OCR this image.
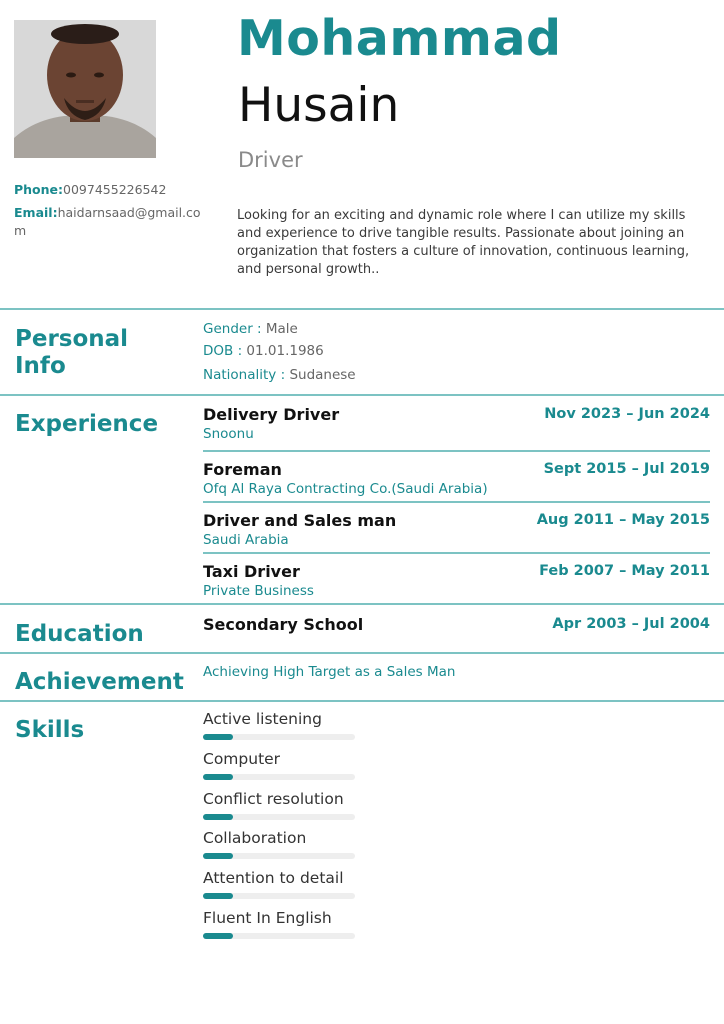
Mohammad
Husain
Driver
Phone:0097455226542
Email:haidarnsaad@gmail.com
Looking for an exciting and dynamic role where I can utilize my skills and experience to drive tangible results. Passionate about joining an organization that fosters a culture of innovation, continuous learning, and personal growth..
Personal Info
Gender : Male
DOB : 01.01.1986
Nationality : Sudanese
Experience	Delivery Driver
Snoonu
Nov 2023 – Jun 2024
Foreman
Ofq Al Raya Contracting Co.(Saudi Arabia)
Sept 2015 – Jul 2019
Driver and Sales man
Saudi Arabia
Aug 2011 – May 2015
Taxi Driver
Private Business
Feb 2007 – May 2011
Education	Secondary School	Apr 2003 – Jul 2004
Achievement Achieving High Target as a Sales Man
Skills	Active listening
Computer
Conflict resolution
Collaboration
Attention to detail
Fluent In English
